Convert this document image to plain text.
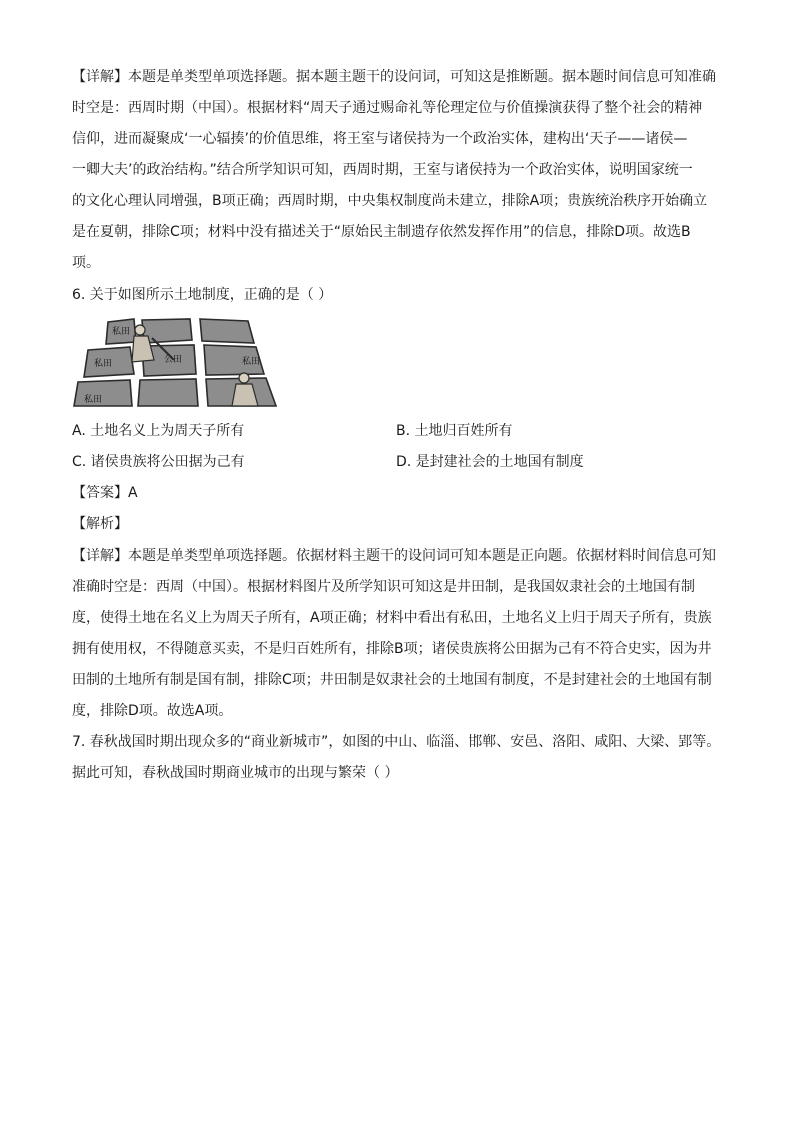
【详解】本题是单类型单项选择题。据本题主题干的设问词，可知这是推断题。据本题时间信息可知准确
时空是：西周时期（中国）。根据材料“周天子通过赐命礼等伦理定位与价值操演获得了整个社会的精神
信仰，进而凝聚成‘一心辐揍’的价值思维，将王室与诸侯持为一个政治实体，建构出‘天子——诸侯—
一卿大夫’的政治结构。”结合所学知识可知，西周时期，王室与诸侯持为一个政治实体，说明国家统一
的文化心理认同增强，B项正确；西周时期，中央集权制度尚未建立，排除A项；贵族统治秩序开始确立
是在夏朝，排除C项；材料中没有描述关于“原始民主制遗存依然发挥作用”的信息，排除D项。故选B
项。

6. 关于如图所示土地制度，正确的是（ ）

私田
私田	公田	私田
私田
A. 土地名义上为周天子所有	B. 土地归百姓所有
C. 诸侯贵族将公田据为己有	D. 是封建社会的土地国有制度
【答案】A
【解析】
【详解】本题是单类型单项选择题。依据材料主题干的设问词可知本题是正向题。依据材料时间信息可知
准确时空是：西周（中国）。根据材料图片及所学知识可知这是井田制，是我国奴隶社会的土地国有制
度，使得土地在名义上为周天子所有，A项正确；材料中看出有私田，土地名义上归于周天子所有，贵族
拥有使用权，不得随意买卖，不是归百姓所有，排除B项；诸侯贵族将公田据为己有不符合史实，因为井
田制的土地所有制是国有制，排除C项；井田制是奴隶社会的土地国有制度，不是封建社会的土地国有制
度，排除D项。故选A项。
7. 春秋战国时期出现众多的“商业新城市”，如图的中山、临淄、邯郸、安邑、洛阳、咸阳、大梁、郢等。
据此可知，春秋战国时期商业城市的出现与繁荣（ ）
